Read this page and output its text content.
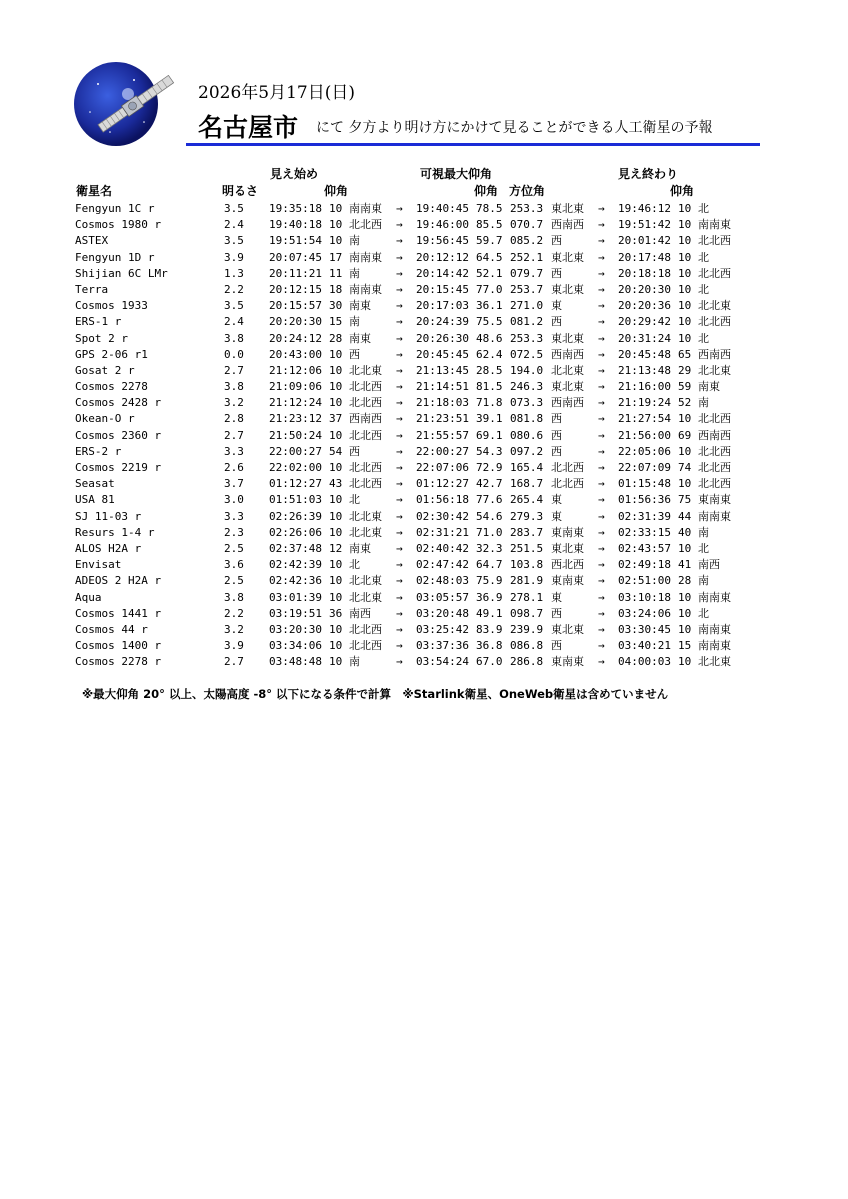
2026年5月17日(日)
名古屋市 にて 夕方より明け方にかけて見ることができる人工衛星の予報
見え始め	可視最大仰角	見え終わり
衛星名	明るさ	仰角	仰角 方位角	仰角
Fengyun 1C r	3.5 19:35:18 10 南南東 → 19:40:45 78.5 253.3 東北東 → 19:46:12 10 北
Cosmos 1980 r	2.4 19:40:18 10 北北西 → 19:46:00 85.5 070.7 西南西 → 19:51:42 10 南南東
ASTEX	3.5 19:51:54 10 南	→ 19:56:45 59.7 085.2 西	→ 20:01:42 10 北北西
Fengyun 1D r	3.9 20:07:45 17 南南東 → 20:12:12 64.5 252.1 東北東 → 20:17:48 10 北
Shijian 6C LMr	1.3 20:11:21 11 南	→ 20:14:42 52.1 079.7 西	→ 20:18:18 10 北北西
Terra	2.2 20:12:15 18 南南東 → 20:15:45 77.0 253.7 東北東 → 20:20:30 10 北
Cosmos 1933	3.5 20:15:57 30 南東 → 20:17:03 36.1 271.0 東	→ 20:20:36 10 北北東
ERS-1 r	2.4 20:20:30 15 南	→ 20:24:39 75.5 081.2 西	→ 20:29:42 10 北北西
Spot 2 r	3.8 20:24:12 28 南東 → 20:26:30 48.6 253.3 東北東 → 20:31:24 10 北
GPS 2-06 r1	0.0 20:43:00 10 西	→ 20:45:45 62.4 072.5 西南西 → 20:45:48 65 西南西
Gosat 2 r	2.7 21:12:06 10 北北東 → 21:13:45 28.5 194.0 北北東 → 21:13:48 29 北北東
Cosmos 2278	3.8 21:09:06 10 北北西 → 21:14:51 81.5 246.3 東北東 → 21:16:00 59 南東
Cosmos 2428 r	3.2 21:12:24 10 北北西 → 21:18:03 71.8 073.3 西南西 → 21:19:24 52 南
Okean-O r	2.8 21:23:12 37 西南西 → 21:23:51 39.1 081.8 西	→ 21:27:54 10 北北西
Cosmos 2360 r	2.7 21:50:24 10 北北西 → 21:55:57 69.1 080.6 西	→ 21:56:00 69 西南西
ERS-2 r	3.3 22:00:27 54 西	→ 22:00:27 54.3 097.2 西	→ 22:05:06 10 北北西
Cosmos 2219 r	2.6 22:02:00 10 北北西 → 22:07:06 72.9 165.4 北北西 → 22:07:09 74 北北西
Seasat	3.7 01:12:27 43 北北西 → 01:12:27 42.7 168.7 北北西 → 01:15:48 10 北北西
USA 81	3.0 01:51:03 10 北	→ 01:56:18 77.6 265.4 東	→ 01:56:36 75 東南東
SJ 11-03 r	3.3 02:26:39 10 北北東 → 02:30:42 54.6 279.3 東	→ 02:31:39 44 南南東
Resurs 1-4 r	2.3 02:26:06 10 北北東 → 02:31:21 71.0 283.7 東南東 → 02:33:15 40 南
ALOS H2A r	2.5 02:37:48 12 南東 → 02:40:42 32.3 251.5 東北東 → 02:43:57 10 北
Envisat	3.6 02:42:39 10 北	→ 02:47:42 64.7 103.8 西北西 → 02:49:18 41 南西
ADEOS 2 H2A r	2.5 02:42:36 10 北北東 → 02:48:03 75.9 281.9 東南東 → 02:51:00 28 南
Aqua	3.8 03:01:39 10 北北東 → 03:05:57 36.9 278.1 東	→ 03:10:18 10 南南東
Cosmos 1441 r	2.2 03:19:51 36 南西 → 03:20:48 49.1 098.7 西	→ 03:24:06 10 北
Cosmos 44 r	3.2 03:20:30 10 北北西 → 03:25:42 83.9 239.9 東北東 → 03:30:45 10 南南東
Cosmos 1400 r	3.9 03:34:06 10 北北西 → 03:37:36 36.8 086.8 西	→ 03:40:21 15 南南東
Cosmos 2278 r	2.7 03:48:48 10 南	→ 03:54:24 67.0 286.8 東南東 → 04:00:03 10 北北東
※最大仰角 20° 以上、太陽高度 -8° 以下になる条件で計算　※Starlink衛星、OneWeb衛星は含めていません
